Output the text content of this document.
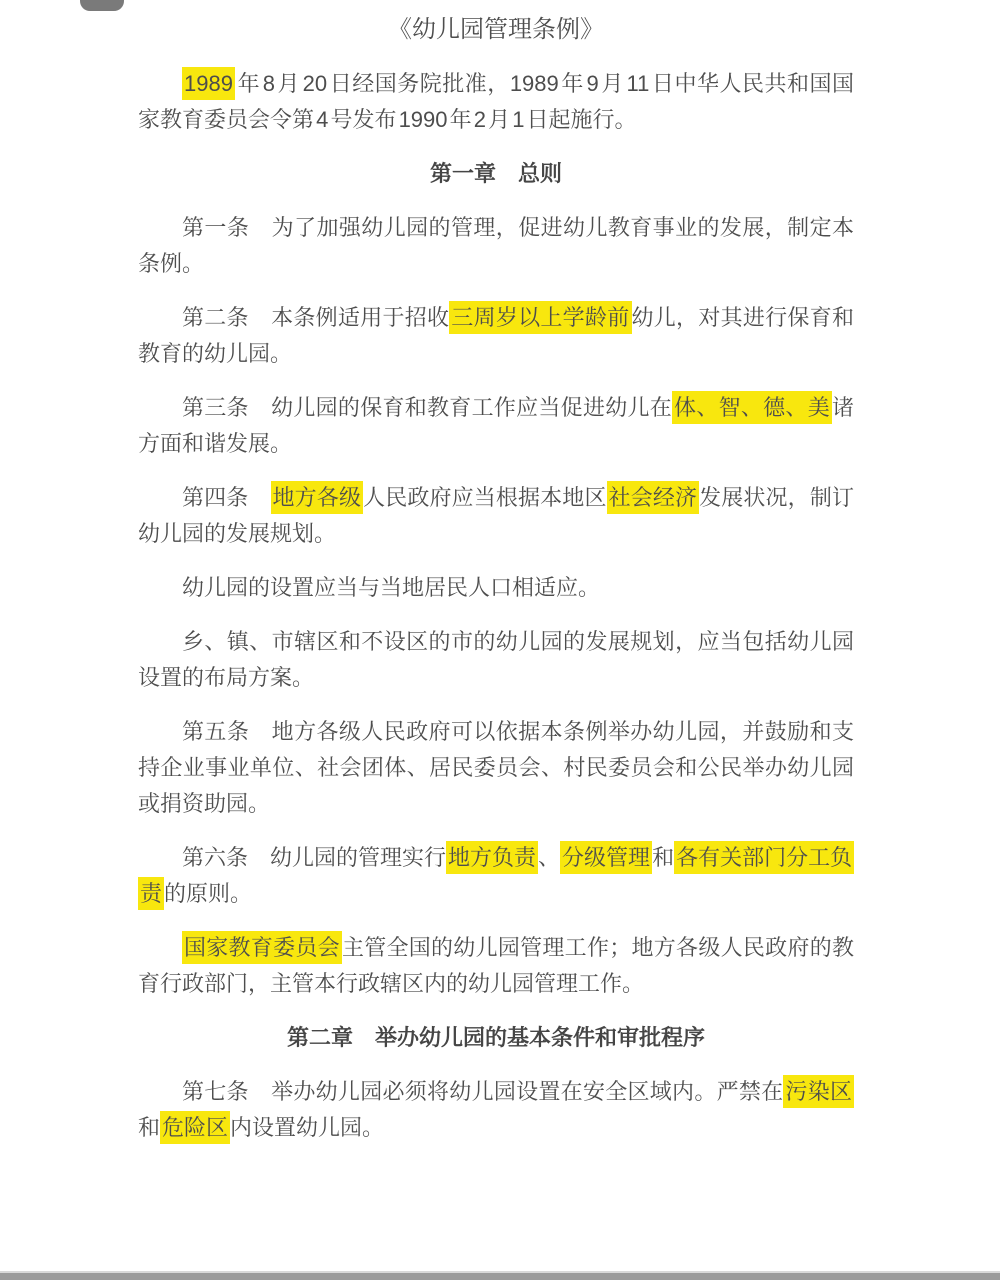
《幼儿园管理条例》

1989 年 8 月 20 日经国务院批准，1989 年 9 月 11 日中华人民共和国国家教育委员会令第 4 号发布 1990 年 2 月 1 日起施行。

第一章　总则

第一条　为了加强幼儿园的管理，促进幼儿教育事业的发展，制定本条例。

第二条　本条例适用于招收三周岁以上学龄前幼儿，对其进行保育和教育的幼儿园。

第三条　幼儿园的保育和教育工作应当促进幼儿在体、智、德、美诸方面和谐发展。

第四条　地方各级人民政府应当根据本地区社会经济发展状况，制订幼儿园的发展规划。

幼儿园的设置应当与当地居民人口相适应。

乡、镇、市辖区和不设区的市的幼儿园的发展规划，应当包括幼儿园设置的布局方案。

第五条　地方各级人民政府可以依据本条例举办幼儿园，并鼓励和支持企业事业单位、社会团体、居民委员会、村民委员会和公民举办幼儿园或捐资助园。

第六条　幼儿园的管理实行地方负责、分级管理和各有关部门分工负责的原则。

国家教育委员会主管全国的幼儿园管理工作；地方各级人民政府的教育行政部门，主管本行政辖区内的幼儿园管理工作。

第二章　举办幼儿园的基本条件和审批程序

第七条　举办幼儿园必须将幼儿园设置在安全区域内。严禁在污染区和危险区内设置幼儿园。
